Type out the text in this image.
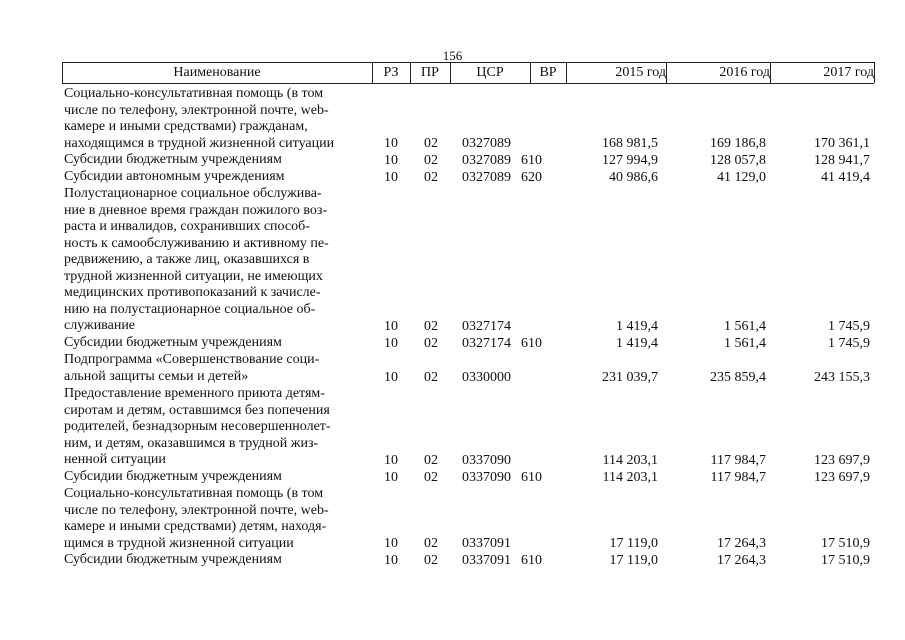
156
Наименование	РЗ	ПР	ЦСР	ВР	2015 год	2016 год	2017 год
Социально-консультативная помощь (в том
числе по телефону, электронной почте, web-
камере и иными средствами) гражданам,
находящимся в трудной жизненной ситуации	10 02 0327089	168 981,5	169 186,8	170 361,1
Субсидии бюджетным учреждениям	10 02 0327089 610	127 994,9	128 057,8	128 941,7
Субсидии автономным учреждениям	10 02 0327089 620	40 986,6	41 129,0	41 419,4
Полустационарное социальное обслужива-
ние в дневное время граждан пожилого воз-
раста и инвалидов, сохранивших способ-
ность к самообслуживанию и активному пе-
редвижению, а также лиц, оказавшихся в
трудной жизненной ситуации, не имеющих
медицинских противопоказаний к зачисле-
нию на полустационарное социальное об-
служивание	10 02 0327174	1 419,4	1 561,4	1 745,9
Субсидии бюджетным учреждениям	10 02 0327174 610	1 419,4	1 561,4	1 745,9
Подпрограмма «Совершенствование соци-
альной защиты семьи и детей»	10 02 0330000	231 039,7	235 859,4	243 155,3
Предоставление временного приюта детям-
сиротам и детям, оставшимся без попечения
родителей, безнадзорным несовершеннолет-
ним, и детям, оказавшимся в трудной жиз-
ненной ситуации	10 02 0337090	114 203,1	117 984,7	123 697,9
Субсидии бюджетным учреждениям	10 02 0337090 610	114 203,1	117 984,7	123 697,9
Социально-консультативная помощь (в том
числе по телефону, электронной почте, web-
камере и иными средствами) детям, находя-
щимся в трудной жизненной ситуации	10 02 0337091	17 119,0	17 264,3	17 510,9
Субсидии бюджетным учреждениям	10 02 0337091 610	17 119,0	17 264,3	17 510,9
